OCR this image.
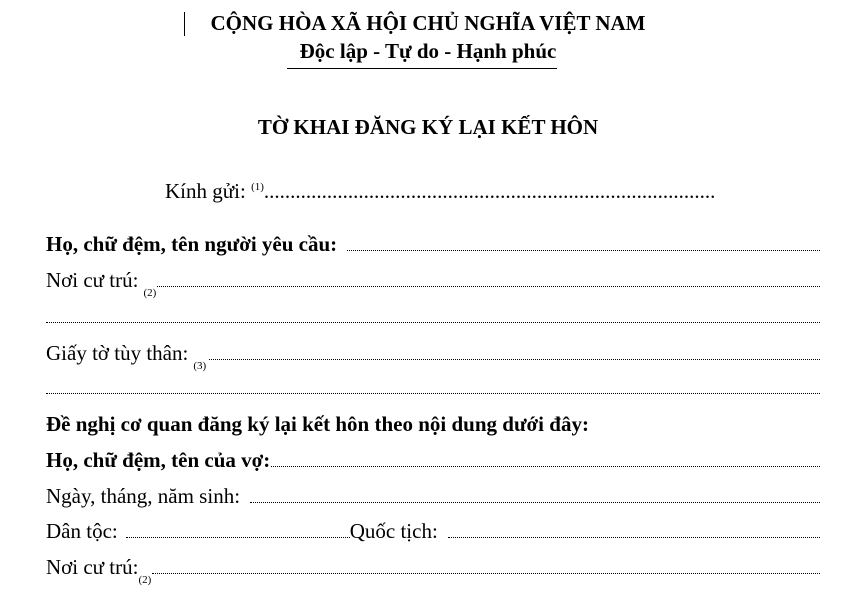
CỘNG HÒA XÃ HỘI CHỦ NGHĨA VIỆT NAM
Độc lập - Tự do - Hạnh phúc
TỜ KHAI ĐĂNG KÝ LẠI KẾT HÔN
Kính gửi: $^{(1)}$......................................................................................
Họ, chữ đệm, tên người yêu cầu:
Nơi cư trú:
(2)
Giấy tờ tùy thân:
(3)
Đề nghị cơ quan đăng ký lại kết hôn theo nội dung dưới đây:
Họ, chữ đệm, tên của vợ:
Ngày, tháng, năm sinh:
Dân tộc:	Quốc tịch:
Nơi cư trú:
(2)
